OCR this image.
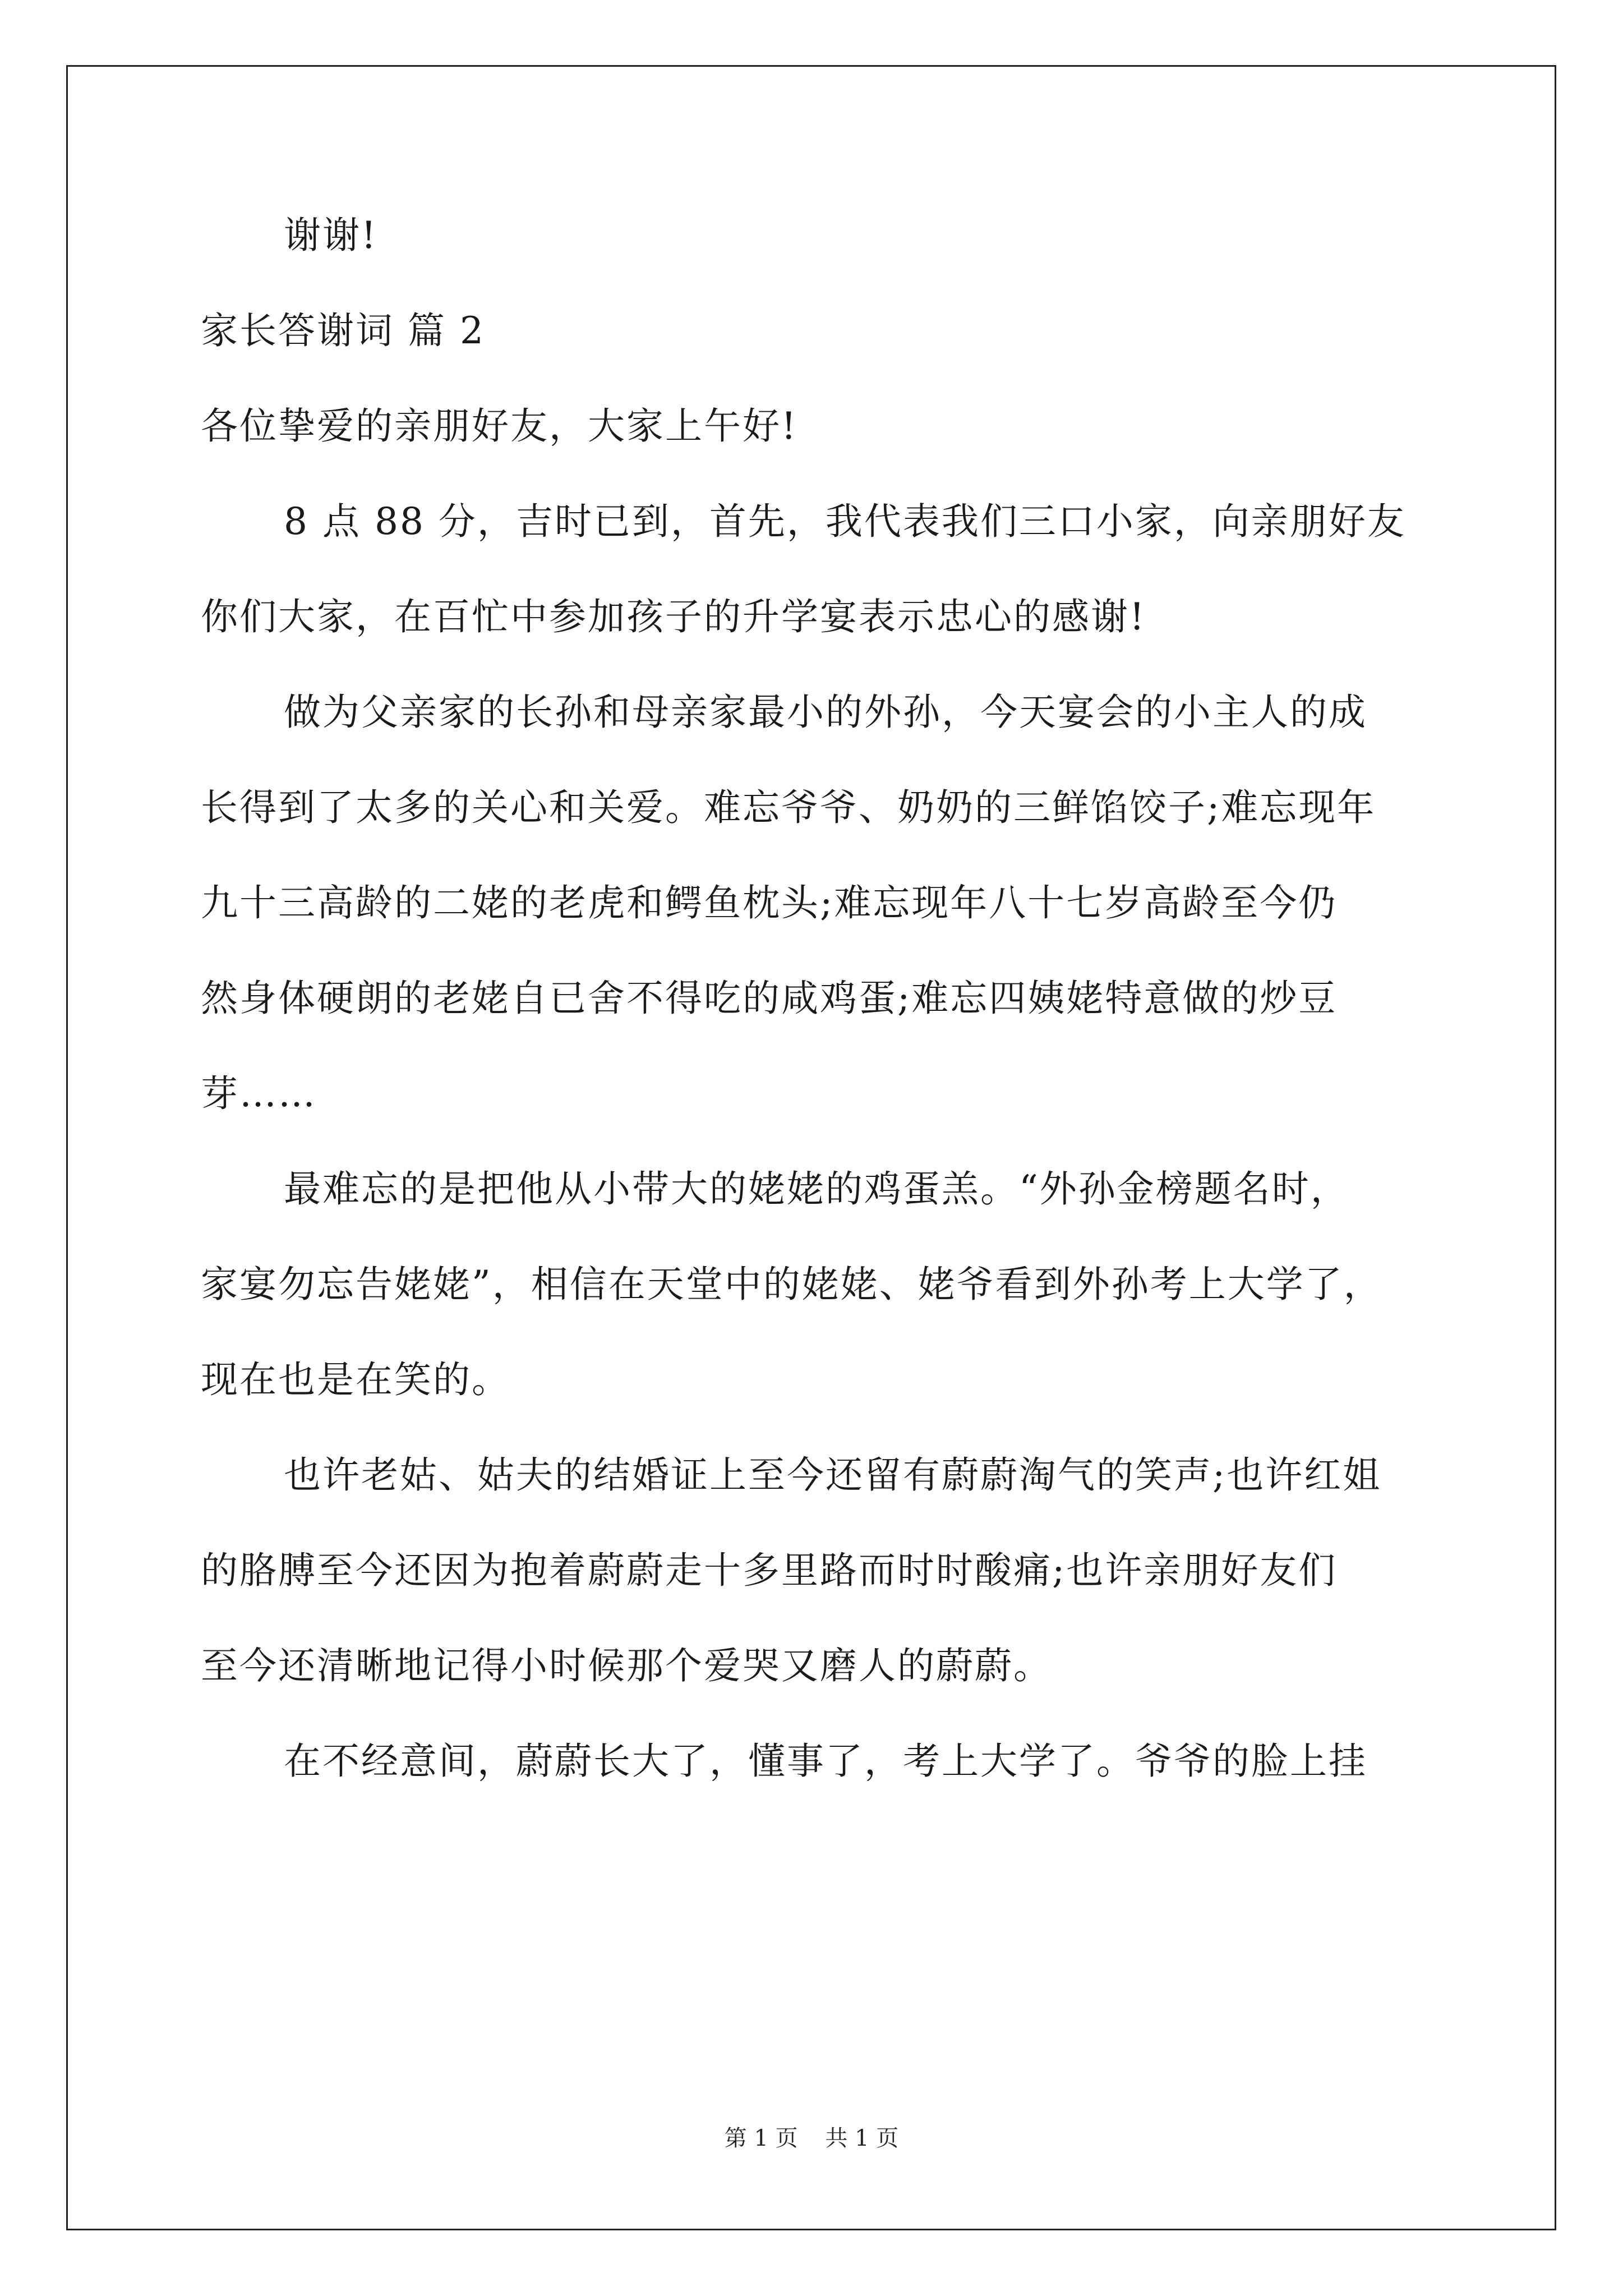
谢谢!
家长答谢词 篇 2
各位挚爱的亲朋好友，大家上午好!
8 点 88 分，吉时已到，首先，我代表我们三口小家，向亲朋好友
你们大家，在百忙中参加孩子的升学宴表示忠心的感谢!
做为父亲家的长孙和母亲家最小的外孙，今天宴会的小主人的成
长得到了太多的关心和关爱。难忘爷爷、奶奶的三鲜馅饺子;难忘现年
九十三高龄的二姥的老虎和鳄鱼枕头;难忘现年八十七岁高龄至今仍
然身体硬朗的老姥自已舍不得吃的咸鸡蛋;难忘四姨姥特意做的炒豆
芽……
最难忘的是把他从小带大的姥姥的鸡蛋羔。“外孙金榜题名时，
家宴勿忘告姥姥”，相信在天堂中的姥姥、姥爷看到外孙考上大学了，
现在也是在笑的。
也许老姑、姑夫的结婚证上至今还留有蔚蔚淘气的笑声;也许红姐
的胳膊至今还因为抱着蔚蔚走十多里路而时时酸痛;也许亲朋好友们
至今还清晰地记得小时候那个爱哭又磨人的蔚蔚。
在不经意间，蔚蔚长大了，懂事了，考上大学了。爷爷的脸上挂
第 1 页 共 1 页
